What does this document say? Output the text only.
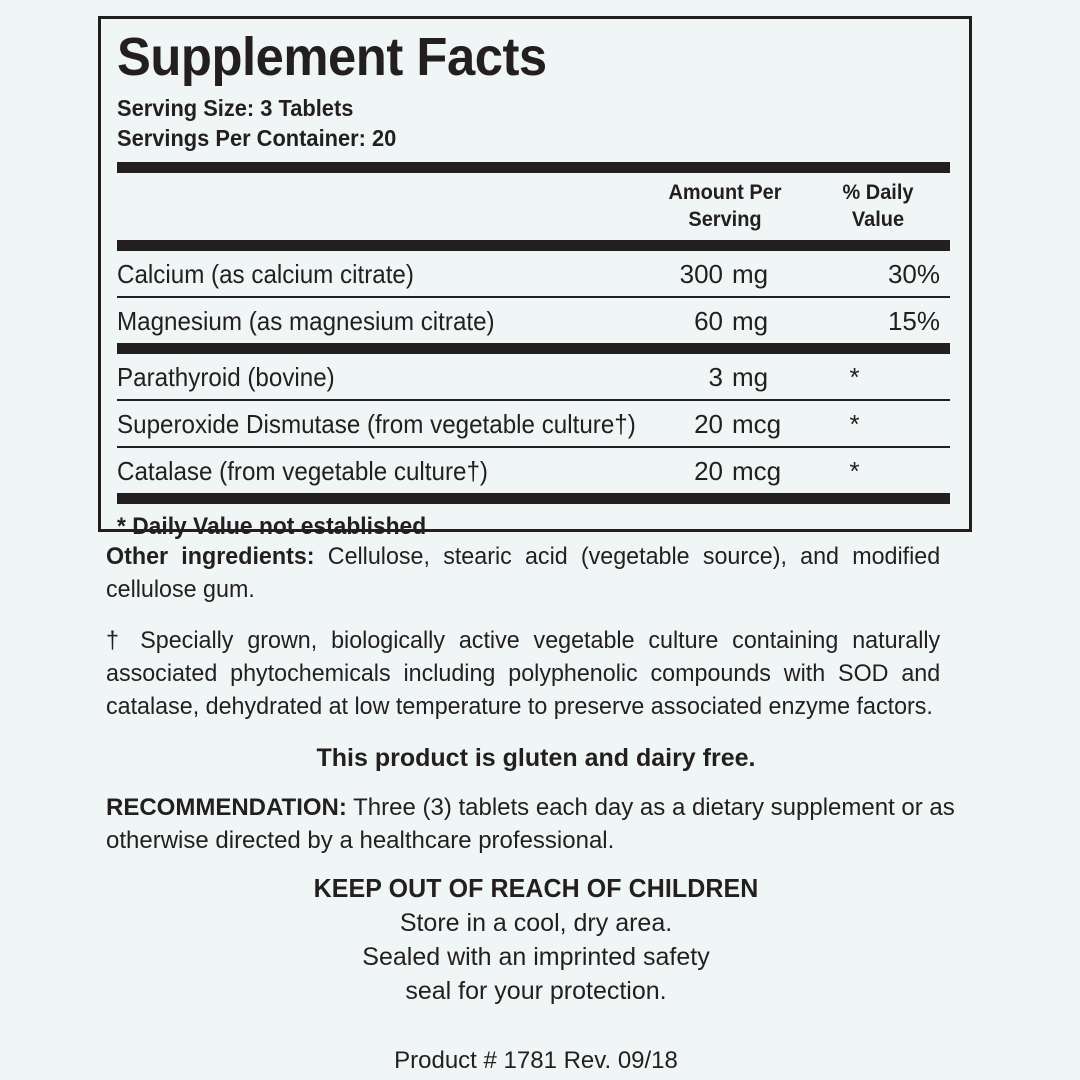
Supplement Facts
Serving Size: 3 Tablets
Servings Per Container: 20

Amount Per
Serving

% Daily
Value
Calcium (as calcium citrate)	300	mg	30%
Magnesium (as magnesium citrate)	60	mg	15%
Parathyroid (bovine)	3	mg	*
Superoxide Dismutase (from vegetable culture†)	20	mcg	*
Catalase (from vegetable culture†)	20	mcg	*
* Daily Value not established

Other ingredients: Cellulose, stearic acid (vegetable source), and modified cellulose gum.

† Specially grown, biologically active vegetable culture containing naturally associated phytochemicals including polyphenolic compounds with SOD and catalase, dehydrated at low temperature to preserve associated enzyme factors.

This product is gluten and dairy free.

RECOMMENDATION: Three (3) tablets each day as a dietary supplement or as otherwise directed by a healthcare professional.

KEEP OUT OF REACH OF CHILDREN
Store in a cool, dry area.
Sealed with an imprinted safety
seal for your protection.
Product # 1781 Rev. 09/18
